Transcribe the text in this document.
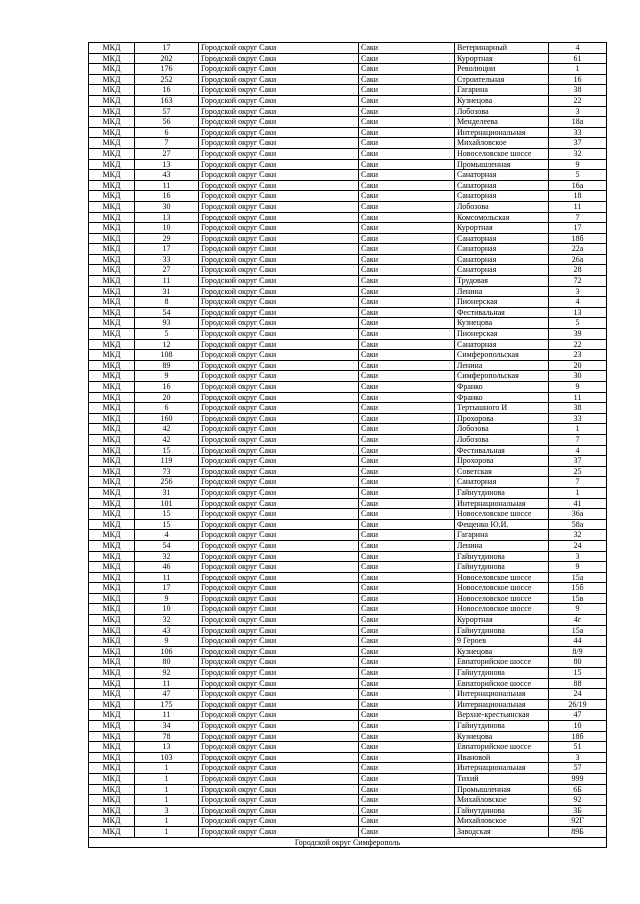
МКД	17	Городской округ Саки	Саки	Ветеринарный	4
МКД	202	Городской округ Саки	Саки	Курортная	61
МКД	176	Городской округ Саки	Саки	Революции	1
МКД	252	Городской округ Саки	Саки	Строительная	16
МКД	16	Городской округ Саки	Саки	Гагарина	38
МКД	163	Городской округ Саки	Саки	Кузнецова	22
МКД	57	Городской округ Саки	Саки	Лобозова	3
МКД	56	Городской округ Саки	Саки	Менделеева	18а
МКД	6	Городской округ Саки	Саки	Интернациональная	33
МКД	7	Городской округ Саки	Саки	Михайловское	37
МКД	27	Городской округ Саки	Саки	Новоселовское шоссе	32
МКД	13	Городской округ Саки	Саки	Промышленная	9
МКД	43	Городской округ Саки	Саки	Санаторная	5
МКД	11	Городской округ Саки	Саки	Санаторная	16а
МКД	16	Городской округ Саки	Саки	Санаторная	18
МКД	30	Городской округ Саки	Саки	Лобозова	11
МКД	13	Городской округ Саки	Саки	Комсомольская	7
МКД	10	Городской округ Саки	Саки	Курортная	17
МКД	29	Городской округ Саки	Саки	Санаторная	18б
МКД	17	Городской округ Саки	Саки	Санаторная	22а
МКД	33	Городской округ Саки	Саки	Санаторная	26а
МКД	27	Городской округ Саки	Саки	Санаторная	28
МКД	11	Городской округ Саки	Саки	Трудовая	72
МКД	31	Городской округ Саки	Саки	Ленина	3
МКД	8	Городской округ Саки	Саки	Пионерская	4
МКД	54	Городской округ Саки	Саки	Фестивальная	13
МКД	93	Городской округ Саки	Саки	Кузнецова	5
МКД	5	Городской округ Саки	Саки	Пионерская	39
МКД	12	Городской округ Саки	Саки	Санаторная	22
МКД	108	Городской округ Саки	Саки	Симферопольская	23
МКД	89	Городской округ Саки	Саки	Ленина	20
МКД	9	Городской округ Саки	Саки	Симферопольская	30
МКД	16	Городской округ Саки	Саки	Франко	9
МКД	20	Городской округ Саки	Саки	Франко	11
МКД	6	Городской округ Саки	Саки	Тертышного И	38
МКД	160	Городской округ Саки	Саки	Прохорова	33
МКД	42	Городской округ Саки	Саки	Лобозова	1
МКД	42	Городской округ Саки	Саки	Лобозова	7
МКД	15	Городской округ Саки	Саки	Фестивальная	4
МКД	119	Городской округ Саки	Саки	Прохорова	37
МКД	73	Городской округ Саки	Саки	Советская	25
МКД	256	Городской округ Саки	Саки	Санаторная	7
МКД	31	Городской округ Саки	Саки	Гайнутдинова	1
МКД	101	Городской округ Саки	Саки	Интернациональная	41
МКД	15	Городской округ Саки	Саки	Новоселовское шоссе	36а
МКД	15	Городской округ Саки	Саки	Фещенко Ю.И.	58а
МКД	4	Городской округ Саки	Саки	Гагарина	32
МКД	54	Городской округ Саки	Саки	Ленина	24
МКД	32	Городской округ Саки	Саки	Гайнутдинова	3
МКД	46	Городской округ Саки	Саки	Гайнутдинова	9
МКД	11	Городской округ Саки	Саки	Новоселовское шоссе	15а
МКД	17	Городской округ Саки	Саки	Новоселовское шоссе	15б
МКД	9	Городской округ Саки	Саки	Новоселовское шоссе	15в
МКД	10	Городской округ Саки	Саки	Новоселовское шоссе	9
МКД	32	Городской округ Саки	Саки	Курортная	4г
МКД	43	Городской округ Саки	Саки	Гайнутдинова	15а
МКД	9	Городской округ Саки	Саки	9 Героев	44
МКД	106	Городской округ Саки	Саки	Кузнецова	8/9
МКД	80	Городской округ Саки	Саки	Евпаторийское шоссе	80
МКД	92	Городской округ Саки	Саки	Гайнутдинова	15
МКД	11	Городской округ Саки	Саки	Евпаторийское шоссе	88
МКД	47	Городской округ Саки	Саки	Интернациональная	24
МКД	175	Городской округ Саки	Саки	Интернациональная	26/19
МКД	11	Городской округ Саки	Саки	Верхне-крестьянская	47
МКД	34	Городской округ Саки	Саки	Гайнутдинова	10
МКД	78	Городской округ Саки	Саки	Кузнецова	18б
МКД	13	Городской округ Саки	Саки	Евпаторийское шоссе	51
МКД	103	Городской округ Саки	Саки	Ивановой	3
МКД	1	Городской округ Саки	Саки	Интернациональная	57
МКД	1	Городской округ Саки	Саки	Тихий	999
МКД	1	Городской округ Саки	Саки	Промышленная	6Б
МКД	1	Городской округ Саки	Саки	Михайловское	92
МКД	3	Городской округ Саки	Саки	Гайнутдинова	3Б
МКД	1	Городской округ Саки	Саки	Михайловское	92Г
МКД	1	Городской округ Саки	Саки	Заводская	89Б
Городской округ Симферополь					
